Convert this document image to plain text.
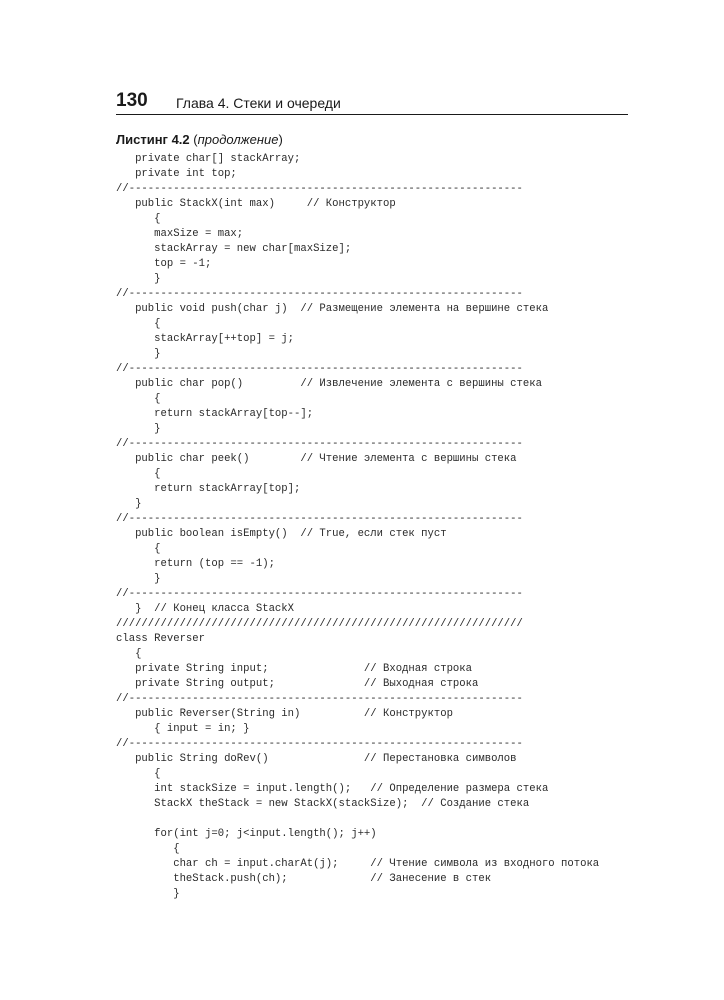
130 Глава 4. Стеки и очереди
Листинг 4.2 (продолжение)
private char[] stackArray;
private int top;
//--------------------------------------------------------------
public StackX(int max)     // Конструктор
{
maxSize = max;
stackArray = new char[maxSize];
top = -1;
}
//--------------------------------------------------------------
public void push(char j)  // Размещение элемента на вершине стека
{
stackArray[++top] = j;
}
//--------------------------------------------------------------
public char pop()         // Извлечение элемента с вершины стека
{
return stackArray[top--];
}
//--------------------------------------------------------------
public char peek()        // Чтение элемента с вершины стека
{
return stackArray[top];
}
//--------------------------------------------------------------
public boolean isEmpty()  // True, если стек пуст
{
return (top == -1);
}
//--------------------------------------------------------------
}  // Конец класса StackX
////////////////////////////////////////////////////////////////
class Reverser
{
private String input;               // Входная строка
private String output;              // Выходная строка
//--------------------------------------------------------------
public Reverser(String in)          // Конструктор
{ input = in; }
//--------------------------------------------------------------
public String doRev()               // Перестановка символов
{
int stackSize = input.length();   // Определение размера стека
StackX theStack = new StackX(stackSize);  // Создание стека
for(int j=0; j<input.length(); j++)
{
char ch = input.charAt(j);     // Чтение символа из входного потока
theStack.push(ch);             // Занесение в стек
}
